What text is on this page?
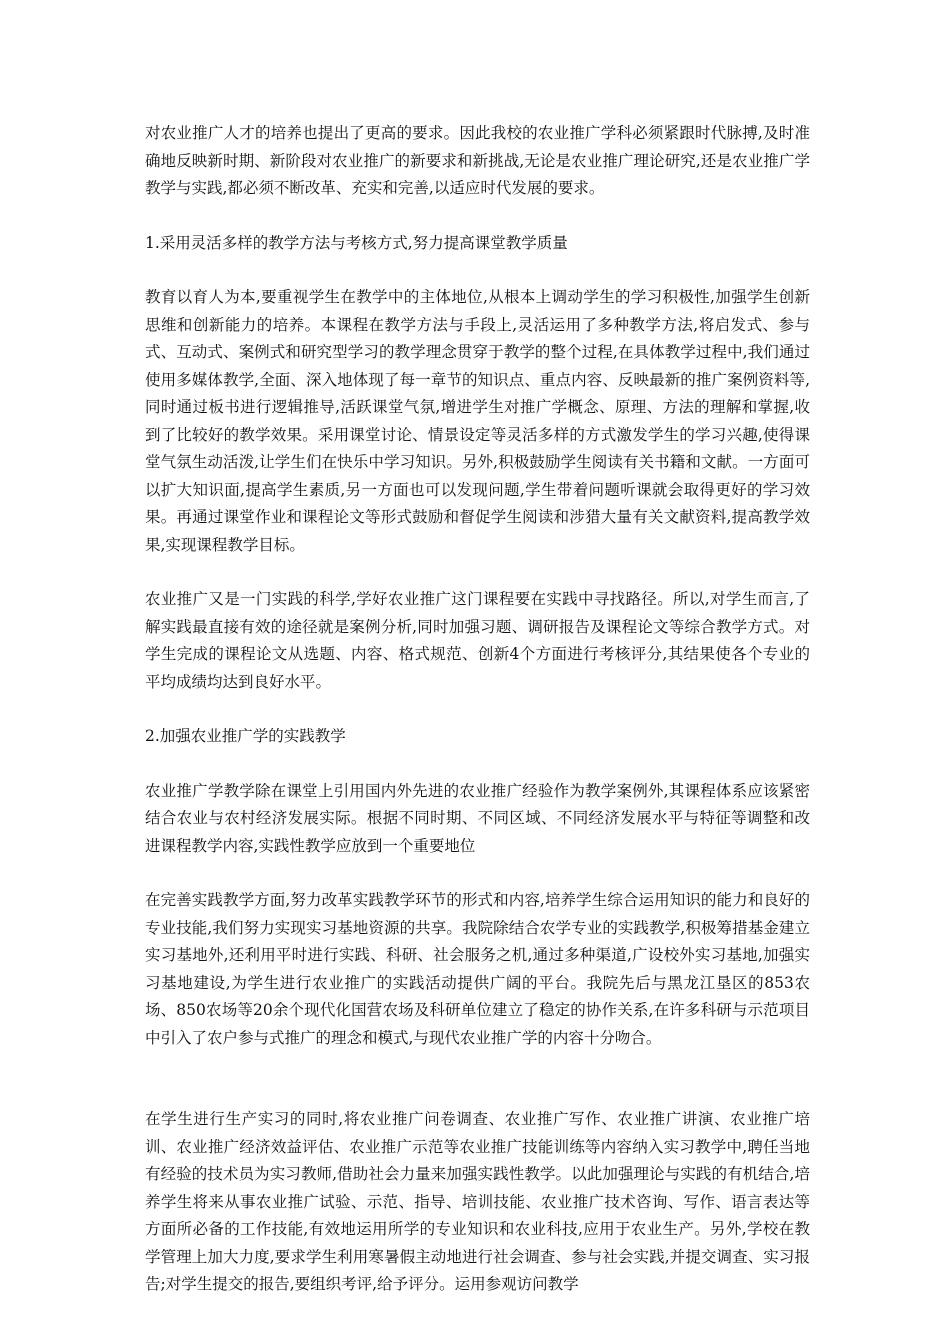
对农业推广人才的培养也提出了更高的要求。因此我校的农业推广学科必须紧跟时代脉搏,及时准确地反映新时期、新阶段对农业推广的新要求和新挑战,无论是农业推广理论研究,还是农业推广学教学与实践,都必须不断改革、充实和完善,以适应时代发展的要求。

1.采用灵活多样的教学方法与考核方式,努力提高课堂教学质量

教育以育人为本,要重视学生在教学中的主体地位,从根本上调动学生的学习积极性,加强学生创新思维和创新能力的培养。本课程在教学方法与手段上,灵活运用了多种教学方法,将启发式、参与式、互动式、案例式和研究型学习的教学理念贯穿于教学的整个过程,在具体教学过程中,我们通过使用多媒体教学,全面、深入地体现了每一章节的知识点、重点内容、反映最新的推广案例资料等,同时通过板书进行逻辑推导,活跃课堂气氛,增进学生对推广学概念、原理、方法的理解和掌握,收到了比较好的教学效果。采用课堂讨论、情景设定等灵活多样的方式激发学生的学习兴趣,使得课堂气氛生动活泼,让学生们在快乐中学习知识。另外,积极鼓励学生阅读有关书籍和文献。一方面可以扩大知识面,提高学生素质,另一方面也可以发现问题,学生带着问题听课就会取得更好的学习效果。再通过课堂作业和课程论文等形式鼓励和督促学生阅读和涉猎大量有关文献资料,提高教学效果,实现课程教学目标。

农业推广又是一门实践的科学,学好农业推广这门课程要在实践中寻找路径。所以,对学生而言,了解实践最直接有效的途径就是案例分析,同时加强习题、调研报告及课程论文等综合教学方式。对学生完成的课程论文从选题、内容、格式规范、创新4个方面进行考核评分,其结果使各个专业的平均成绩均达到良好水平。

2.加强农业推广学的实践教学

农业推广学教学除在课堂上引用国内外先进的农业推广经验作为教学案例外,其课程体系应该紧密结合农业与农村经济发展实际。根据不同时期、不同区域、不同经济发展水平与特征等调整和改进课程教学内容,实践性教学应放到一个重要地位

在完善实践教学方面,努力改革实践教学环节的形式和内容,培养学生综合运用知识的能力和良好的专业技能,我们努力实现实习基地资源的共享。我院除结合农学专业的实践教学,积极筹措基金建立实习基地外,还利用平时进行实践、科研、社会服务之机,通过多种渠道,广设校外实习基地,加强实习基地建设,为学生进行农业推广的实践活动提供广阔的平台。我院先后与黑龙江垦区的853农场、850农场等20余个现代化国营农场及科研单位建立了稳定的协作关系,在许多科研与示范项目中引入了农户参与式推广的理念和模式,与现代农业推广学的内容十分吻合。

在学生进行生产实习的同时,将农业推广问卷调查、农业推广写作、农业推广讲演、农业推广培训、农业推广经济效益评估、农业推广示范等农业推广技能训练等内容纳入实习教学中,聘任当地有经验的技术员为实习教师,借助社会力量来加强实践性教学。以此加强理论与实践的有机结合,培养学生将来从事农业推广试验、示范、指导、培训技能、农业推广技术咨询、写作、语言表达等方面所必备的工作技能,有效地运用所学的专业知识和农业科技,应用于农业生产。另外,学校在教学管理上加大力度,要求学生利用寒暑假主动地进行社会调查、参与社会实践,并提交调查、实习报告;对学生提交的报告,要组织考评,给予评分。运用参观访问教学
